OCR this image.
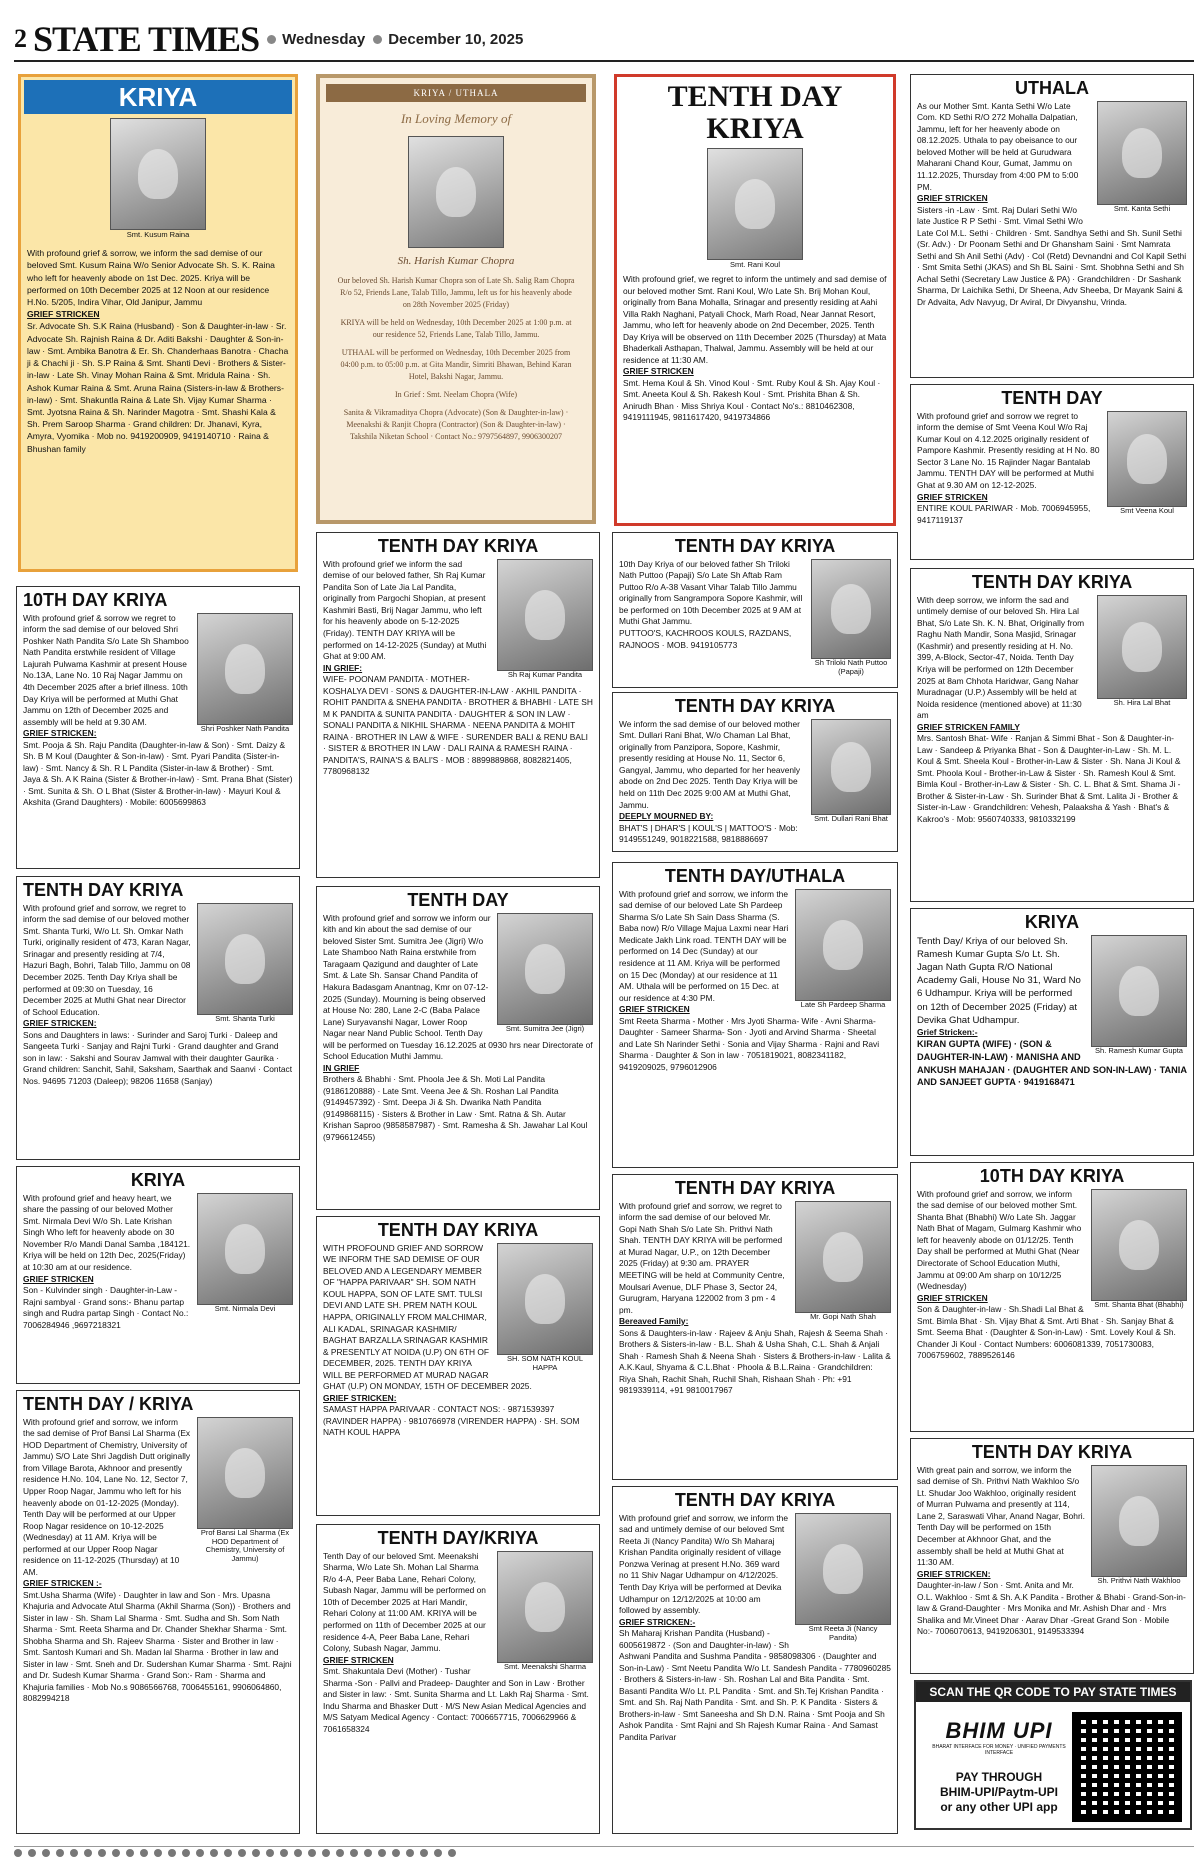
2 STATE TIMES Wednesday December 10, 2025
KRIYA
Smt. Kusum Raina

With profound grief & sorrow, we inform the sad demise of our beloved Smt. Kusum Raina W/o Senior Advocate Sh. S. K. Raina who left for heavenly abode on 1st Dec. 2025. Kriya will be performed on 10th December 2025 at 12 Noon at our residence H.No. 5/205, Indira Vihar, Old Janipur, Jammu

GRIEF STRICKEN

Sr. Advocate Sh. S.K Raina (Husband) · Son & Daughter-in-law · Sr. Advocate Sh. Rajnish Raina & Dr. Aditi Bakshi · Daughter & Son-in-law · Smt. Ambika Banotra & Er. Sh. Chanderhaas Banotra · Chacha ji & Chachi ji · Sh. S.P Raina & Smt. Shanti Devi · Brothers & Sister-in-law · Late Sh. Vinay Mohan Raina & Smt. Mridula Raina · Sh. Ashok Kumar Raina & Smt. Aruna Raina (Sisters-in-law & Brothers-in-law) · Smt. Shakuntla Raina & Late Sh. Vijay Kumar Sharma · Smt. Jyotsna Raina & Sh. Narinder Magotra · Smt. Shashi Kala & Sh. Prem Saroop Sharma · Grand children: Dr. Jhanavi, Kyra, Amyra, Vyomika · Mob no. 9419200909, 9419140710 · Raina & Bhushan family

10TH DAY KRIYA
Shri Poshker Nath Pandita

With profound grief & sorrow we regret to inform the sad demise of our beloved Shri Poshker Nath Pandita S/o Late Sh Shamboo Nath Pandita erstwhile resident of Village Lajurah Pulwama Kashmir at present House No.13A, Lane No. 10 Raj Nagar Jammu on 4th December 2025 after a brief illness. 10th Day Kriya will be performed at Muthi Ghat Jammu on 12th of December 2025 and assembly will be held at 9.30 AM.

GRIEF STRICKEN:

Smt. Pooja & Sh. Raju Pandita (Daughter-in-law & Son) · Smt. Daizy & Sh. B M Koul (Daughter & Son-in-law) · Smt. Pyari Pandita (Sister-in-law) · Smt. Nancy & Sh. R L Pandita (Sister-in-law & Brother) · Smt. Jaya & Sh. A K Raina (Sister & Brother-in-law) · Smt. Prana Bhat (Sister) · Smt. Sunita & Sh. O L Bhat (Sister & Brother-in-law) · Mayuri Koul & Akshita (Grand Daughters) · Mobile: 6005699863

TENTH DAY KRIYA
Smt. Shanta Turki

With profound grief and sorrow, we regret to inform the sad demise of our beloved mother Smt. Shanta Turki, W/o Lt. Sh. Omkar Nath Turki, originally resident of 473, Karan Nagar, Srinagar and presently residing at 7/4, Hazuri Bagh, Bohri, Talab Tillo, Jammu on 08 December 2025. Tenth Day Kriya shall be performed at 09:30 on Tuesday, 16 December 2025 at Muthi Ghat near Director of School Education.

GRIEF STRICKEN:

Sons and Daughters in laws: · Surinder and Saroj Turki · Daleep and Sangeeta Turki · Sanjay and Rajni Turki · Grand daughter and Grand son in law: · Sakshi and Sourav Jamwal with their daughter Gaurika · Grand children: Sanchit, Sahil, Saksham, Saarthak and Saanvi · Contact Nos. 94695 71203 (Daleep); 98206 11658 (Sanjay)

KRIYA
Smt. Nirmala Devi

With profound grief and heavy heart, we share the passing of our beloved Mother Smt. Nirmala Devi W/o Sh. Late Krishan Singh Who left for heavenly abode on 30 November R/o Mandi Danal Samba ,184121. Kriya will be held on 12th Dec, 2025(Friday) at 10:30 am at our residence.

GRIEF STRICKEN

Son - Kulvinder singh · Daughter-in-Law -Rajni sambyal · Grand sons:- Bhanu partap singh and Rudra partap Singh · Contact No.: 7006284946 ,9697218321

TENTH DAY / KRIYA
Prof Bansi Lal Sharma (Ex HOD Department of Chemistry, University of Jammu)

With profound grief and sorrow, we inform the sad demise of Prof Bansi Lal Sharma (Ex HOD Department of Chemistry, University of Jammu) S/O Late Shri Jagdish Dutt originally from Village Barota, Akhnoor and presently residence H.No. 104, Lane No. 12, Sector 7, Upper Roop Nagar, Jammu who left for his heavenly abode on 01-12-2025 (Monday). Tenth Day will be performed at our Upper Roop Nagar residence on 10-12-2025 (Wednesday) at 11 AM. Kriya will be performed at our Upper Roop Nagar residence on 11-12-2025 (Thursday) at 10 AM.

GRIEF STRICKEN :-

Smt.Usha Sharma (Wife) · Daughter in law and Son · Mrs. Upasna Khajuria and Advocate Atul Sharma (Akhil Sharma (Son)) · Brothers and Sister in law · Sh. Sham Lal Sharma · Smt. Sudha and Sh. Som Nath Sharma · Smt. Reeta Sharma and Dr. Chander Shekhar Sharma · Smt. Shobha Sharma and Sh. Rajeev Sharma · Sister and Brother in law · Smt. Santosh Kumari and Sh. Madan lal Sharma · Brother in law and Sister in law · Smt. Sneh and Dr. Sudershan Kumar Sharma · Smt. Rajni and Dr. Sudesh Kumar Sharma · Grand Son:- Ram · Sharma and Khajuria families · Mob No.s 9086566768, 7006455161, 9906064860, 8082994218

KRIYA / UTHALA
In Loving Memory of
Sh. Harish Kumar Chopra
Our beloved Sh. Harish Kumar Chopra son of Late Sh. Salig Ram Chopra R/o 52, Friends Lane, Talab Tillo, Jammu, left us for his heavenly abode on 28th November 2025 (Friday)
KRIYA will be held on Wednesday, 10th December 2025 at 1:00 p.m. at our residence 52, Friends Lane, Talab Tillo, Jammu.
UTHAAL will be performed on Wednesday, 10th December 2025 from 04:00 p.m. to 05:00 p.m. at Gita Mandir, Simriti Bhawan, Behind Karan Hotel, Bakshi Nagar, Jammu.
In Grief : Smt. Neelam Chopra (Wife)
Sanita & Vikramaditya Chopra (Advocate) (Son & Daughter-in-law) · Meenakshi & Ranjit Chopra (Contractor) (Son & Daughter-in-law) · Takshila Niketan School · Contact No.: 9797564897, 9906300207
TENTH DAY KRIYA
Sh Raj Kumar Pandita

With profound grief we inform the sad demise of our beloved father, Sh Raj Kumar Pandita Son of Late Jia Lal Pandita, originally from Pargochi Shopian, at present Kashmiri Basti, Brij Nagar Jammu, who left for his heavenly abode on 5-12-2025 (Friday). TENTH DAY KRIYA will be performed on 14-12-2025 (Sunday) at Muthi Ghat at 9:00 AM.

IN GRIEF:

WIFE- POONAM PANDITA · MOTHER- KOSHALYA DEVI · SONS & DAUGHTER-IN-LAW · AKHIL PANDITA · ROHIT PANDITA & SNEHA PANDITA · BROTHER & BHABHI · LATE SH M K PANDITA & SUNITA PANDITA · DAUGHTER & SON IN LAW · SONALI PANDITA & NIKHIL SHARMA · NEENA PANDITA & MOHIT RAINA · BROTHER IN LAW & WIFE · SURENDER BALI & RENU BALI · SISTER & BROTHER IN LAW · DALI RAINA & RAMESH RAINA · PANDITA'S, RAINA'S & BALI'S · MOB : 8899889868, 8082821405, 7780968132

TENTH DAY
Smt. Sumitra Jee (Jigri)

With profound grief and sorrow we inform our kith and kin about the sad demise of our beloved Sister Smt. Sumitra Jee (Jigri) W/o Late Shamboo Nath Raina erstwhile from Taragaam Qazigund and daughter of Late Smt. & Late Sh. Sansar Chand Pandita of Hakura Badasgam Anantnag, Kmr on 07-12-2025 (Sunday). Mourning is being observed at House No: 280, Lane 2-C (Baba Palace Lane) Suryavanshi Nagar, Lower Roop Nagar near Nand Public School. Tenth Day will be performed on Tuesday 16.12.2025 at 0930 hrs near Directorate of School Education Muthi Jammu.

IN GRIEF

Brothers & Bhabhi · Smt. Phoola Jee & Sh. Moti Lal Pandita (9186120888) · Late Smt. Veena Jee & Sh. Roshan Lal Pandita (9149457392) · Smt. Deepa Ji & Sh. Dwarika Nath Pandita (9149868115) · Sisters & Brother in Law · Smt. Ratna & Sh. Autar Krishan Saproo (9858587987) · Smt. Ramesha & Sh. Jawahar Lal Koul (9796612455)

TENTH DAY KRIYA
SH. SOM NATH KOUL HAPPA

WITH PROFOUND GRIEF AND SORROW WE INFORM THE SAD DEMISE OF OUR BELOVED AND A LEGENDARY MEMBER OF "HAPPA PARIVAAR" SH. SOM NATH KOUL HAPPA, SON OF LATE SMT. TULSI DEVI AND LATE SH. PREM NATH KOUL HAPPA, ORIGINALLY FROM MALCHIMAR, ALI KADAL, SRINAGAR KASHMIR/ BAGHAT BARZALLA SRINAGAR KASHMIR & PRESENTLY AT NOIDA (U.P) ON 6TH OF DECEMBER, 2025. TENTH DAY KRIYA WILL BE PERFORMED AT MURAD NAGAR GHAT (U.P) ON MONDAY, 15TH OF DECEMBER 2025.

GRIEF STRICKEN:

SAMAST HAPPA PARIVAAR · CONTACT NOS: · 9871539397 (RAVINDER HAPPA) · 9810766978 (VIRENDER HAPPA) · SH. SOM NATH KOUL HAPPA

TENTH DAY/KRIYA
Smt. Meenakshi Sharma

Tenth Day of our beloved Smt. Meenakshi Sharma, W/o Late Sh. Mohan Lal Sharma R/o 4-A, Peer Baba Lane, Rehari Colony, Subash Nagar, Jammu will be performed on 10th of December 2025 at Hari Mandir, Rehari Colony at 11:00 AM. KRIYA will be performed on 11th of December 2025 at our residence 4-A, Peer Baba Lane, Rehari Colony, Subash Nagar, Jammu.

GRIEF STRICKEN

Smt. Shakuntala Devi (Mother) · Tushar Sharma -Son · Pallvi and Pradeep- Daughter and Son in Law · Brother and Sister in law: · Smt. Sunita Sharma and Lt. Lakh Raj Sharma · Smt. Indu Sharma and Bhasker Dutt · M/S New Asian Medical Agencies and M/S Satyam Medical Agency · Contact: 7006657715, 7006629966 & 7061658324

TENTH DAY KRIYA
Smt. Rani Koul

With profound grief, we regret to inform the untimely and sad demise of our beloved mother Smt. Rani Koul, W/o Late Sh. Brij Mohan Koul, originally from Bana Mohalla, Srinagar and presently residing at Aahi Villa Rakh Naghani, Patyali Chock, Marh Road, Near Jannat Resort, Jammu, who left for heavenly abode on 2nd December, 2025. Tenth Day Kriya will be observed on 11th December 2025 (Thursday) at Mata Bhaderkali Asthapan, Thalwal, Jammu. Assembly will be held at our residence at 11:30 AM.

GRIEF STRICKEN

Smt. Hema Koul & Sh. Vinod Koul · Smt. Ruby Koul & Sh. Ajay Koul · Smt. Aneeta Koul & Sh. Rakesh Koul · Smt. Prishita Bhan & Sh. Anirudh Bhan · Miss Shriya Koul · Contact No's.: 8810462308, 9419111945, 9811617420, 9419734866

TENTH DAY KRIYA
Sh Triloki Nath Puttoo (Papaji)

10th Day Kriya of our beloved father Sh Triloki Nath Puttoo (Papaji) S/o Late Sh Aftab Ram Puttoo R/o A-38 Vasant Vihar Talab Tillo Jammu originally from Sangrampora Sopore Kashmir, will be performed on 10th December 2025 at 9 AM at Muthi Ghat Jammu.

PUTTOO'S, KACHROOS KOULS, RAZDANS, RAJNOOS · MOB. 9419105773

TENTH DAY KRIYA
Smt. Dullari Rani Bhat

We inform the sad demise of our beloved mother Smt. Dullari Rani Bhat, W/o Chaman Lal Bhat, originally from Panzipora, Sopore, Kashmir, presently residing at House No. 11, Sector 6, Gangyal, Jammu, who departed for her heavenly abode on 2nd Dec 2025. Tenth Day Kriya will be held on 11th Dec 2025 9:00 AM at Muthi Ghat, Jammu.

DEEPLY MOURNED BY:

BHAT'S | DHAR'S | KOUL'S | MATTOO'S · Mob: 9149551249, 9018221588, 9818886697

TENTH DAY/UTHALA
Late Sh Pardeep Sharma

With profound grief and sorrow, we inform the sad demise of our beloved Late Sh Pardeep Sharma S/o Late Sh Sain Dass Sharma (S. Baba now) R/o Village Majua Laxmi near Hari Medicate Jakh Link road. TENTH DAY will be performed on 14 Dec (Sunday) at our residence at 11 AM. Kriya will be performed on 15 Dec (Monday) at our residence at 11 AM. Uthala will be performed on 15 Dec. at our residence at 4:30 PM.

GRIEF STRICKEN

Smt Reeta Sharma - Mother · Mrs Jyoti Sharma- Wife · Avni Sharma- Daughter · Sameer Sharma- Son · Jyoti and Arvind Sharma · Sheetal and Late Sh Narinder Sethi · Sonia and Vijay Sharma · Rajni and Ravi Sharma · Daughter & Son in law · 7051819021, 8082341182, 9419209025, 9796012906

TENTH DAY KRIYA
Mr. Gopi Nath Shah

With profound grief and sorrow, we regret to inform the sad demise of our beloved Mr. Gopi Nath Shah S/o Late Sh. Prithvi Nath Shah. TENTH DAY KRIYA will be performed at Murad Nagar, U.P., on 12th December 2025 (Friday) at 9:30 am. PRAYER MEETING will be held at Community Centre, Moulsari Avenue, DLF Phase 3, Sector 24, Gurugram, Haryana 122002 from 3 pm - 4 pm.

Bereaved Family:

Sons & Daughters-in-law · Rajeev & Anju Shah, Rajesh & Seema Shah · Brothers & Sisters-in-law · B.L. Shah & Usha Shah, C.L. Shah & Anjali Shah · Ramesh Shah & Neena Shah · Sisters & Brothers-in-law · Lalita & A.K.Kaul, Shyama & C.L.Bhat · Phoola & B.L.Raina · Grandchildren: Riya Shah, Rachit Shah, Ruchil Shah, Rishaan Shah · Ph: +91 9819339114, +91 9810017967

TENTH DAY KRIYA
Smt Reeta Ji (Nancy Pandita)

With profound grief and sorrow, we inform the sad and untimely demise of our beloved Smt Reeta Ji (Nancy Pandita) W/o Sh Maharaj Krishan Pandita originally resident of village Ponzwa Verinag at present H.No. 369 ward no 11 Shiv Nagar Udhampur on 4/12/2025. Tenth Day Kriya will be performed at Devika Udhampur on 12/12/2025 at 10:00 am followed by assembly.

GRIEF STRICKEN:-

Sh Maharaj Krishan Pandita (Husband) - 6005619872 · (Son and Daughter-in-law) · Sh Ashwani Pandita and Sushma Pandita - 9858098306 · (Daughter and Son-in-Law) · Smt Neetu Pandita W/o Lt. Sandesh Pandita - 7780960285 · Brothers & Sisters-in-law · Sh. Roshan Lal and Bita Pandita · Smt. Basanti Pandita W/o Lt. P.L Pandita · Smt. and Sh.Tej Krishan Pandita · Smt. and Sh. Raj Nath Pandita · Smt. and Sh. P. K Pandita · Sisters & Brothers-in-law · Smt Saneesha and Sh D.N. Raina · Smt Pooja and Sh Ashok Pandita · Smt Rajni and Sh Rajesh Kumar Raina · And Samast Pandita Parivar

UTHALA
Smt. Kanta Sethi

As our Mother Smt. Kanta Sethi W/o Late Com. KD Sethi R/O 272 Mohalla Dalpatian, Jammu, left for her heavenly abode on 08.12.2025. Uthala to pay obeisance to our beloved Mother will be held at Gurudwara Maharani Chand Kour, Gumat, Jammu on 11.12.2025, Thursday from 4:00 PM to 5:00 PM.

GRIEF STRICKEN

Sisters -in -Law · Smt. Raj Dulari Sethi W/o late Justice R P Sethi · Smt. Vimal Sethi W/o Late Col M.L. Sethi · Children · Smt. Sandhya Sethi and Sh. Sunil Sethi (Sr. Adv.) · Dr Poonam Sethi and Dr Ghansham Saini · Smt Namrata Sethi and Sh Anil Sethi (Adv) · Col (Retd) Devnandni and Col Kapil Sethi · Smt Smita Sethi (JKAS) and Sh BL Saini · Smt. Shobhna Sethi and Sh Achal Sethi (Secretary Law Justice & PA) · Grandchildren · Dr Sashank Sharma, Dr Laichika Sethi, Dr Sheena, Adv Sheeba, Dr Mayank Saini & Dr Advaita, Adv Navyug, Dr Aviral, Dr Divyanshu, Vrinda.

TENTH DAY
Smt Veena Koul

With profound grief and sorrow we regret to inform the demise of Smt Veena Koul W/o Raj Kumar Koul on 4.12.2025 originally resident of Pampore Kashmir. Presently residing at H No. 80 Sector 3 Lane No. 15 Rajinder Nagar Bantalab Jammu. TENTH DAY will be performed at Muthi Ghat at 9.30 AM on 12-12-2025.

GRIEF STRICKEN

ENTIRE KOUL PARIWAR · Mob. 7006945955, 9417119137

TENTH DAY KRIYA
Sh. Hira Lal Bhat

With deep sorrow, we inform the sad and untimely demise of our beloved Sh. Hira Lal Bhat, S/o Late Sh. K. N. Bhat, Originally from Raghu Nath Mandir, Sona Masjid, Srinagar (Kashmir) and presently residing at H. No. 399, A-Block, Sector-47, Noida. Tenth Day Kriya will be performed on 12th December 2025 at 8am Chhota Haridwar, Gang Nahar Muradnagar (U.P.) Assembly will be held at Noida residence (mentioned above) at 11:30 am

GRIEF STRICKEN FAMILY

Mrs. Santosh Bhat- Wife · Ranjan & Simmi Bhat - Son & Daughter-in-Law · Sandeep & Priyanka Bhat - Son & Daughter-in-Law · Sh. M. L. Koul & Smt. Sheela Koul - Brother-in-Law & Sister · Sh. Nana Ji Koul & Smt. Phoola Koul - Brother-in-Law & Sister · Sh. Ramesh Koul & Smt. Bimla Koul - Brother-in-Law & Sister · Sh. C. L. Bhat & Smt. Shama Ji - Brother & Sister-in-Law · Sh. Surinder Bhat & Smt. Lalita Ji - Brother & Sister-in-Law · Grandchildren: Vehesh, Palaaksha & Yash · Bhat's & Kakroo's · Mob: 9560740333, 9810332199

KRIYA
Sh. Ramesh Kumar Gupta

Tenth Day/ Kriya of our beloved Sh. Ramesh Kumar Gupta S/o Lt. Sh. Jagan Nath Gupta R/O National Academy Gali, House No 31, Ward No 6 Udhampur. Kriya will be performed on 12th of December 2025 (Friday) at Devika Ghat Udhampur.

Grief Stricken:-

KIRAN GUPTA (WIFE) · (SON & DAUGHTER-IN-LAW) · MANISHA AND ANKUSH MAHAJAN · (DAUGHTER AND SON-IN-LAW) · TANIA AND SANJEET GUPTA · 9419168471

10TH DAY KRIYA
Smt. Shanta Bhat (Bhabhi)

With profound grief and sorrow, we inform the sad demise of our beloved mother Smt. Shanta Bhat (Bhabhi) W/o Late Sh. Jaggar Nath Bhat of Magam, Gulmarg Kashmir who left for heavenly abode on 01/12/25. Tenth Day shall be performed at Muthi Ghat (Near Directorate of School Education Muthi, Jammu at 09:00 Am sharp on 10/12/25 (Wednesday)

GRIEF STRICKEN

Son & Daughter-in-law · Sh.Shadi Lal Bhat & Smt. Bimla Bhat · Sh. Vijay Bhat & Smt. Arti Bhat · Sh. Sanjay Bhat & Smt. Seema Bhat · (Daughter & Son-in-Law) · Smt. Lovely Koul & Sh. Chander Ji Koul · Contact Numbers: 6006081339, 7051730083, 7006759602, 7889526146

TENTH DAY KRIYA
Sh. Prithvi Nath Wakhloo

With great pain and sorrow, we inform the sad demise of Sh. Prithvi Nath Wakhloo S/o Lt. Shudar Joo Wakhloo, originally resident of Murran Pulwama and presently at 114, Lane 2, Saraswati Vihar, Anand Nagar, Bohri. Tenth Day will be performed on 15th December at Akhnoor Ghat, and the assembly shall be held at Muthi Ghat at 11:30 AM.

GRIEF STRICKEN:

Daughter-in-law / Son · Smt. Anita and Mr. O.L. Wakhloo · Smt & Sh. A.K Pandita - Brother & Bhabi · Grand-Son-in-law & Grand-Daughter · Mrs Monika and Mr. Ashish Dhar and · Mrs Shalika and Mr.Vineet Dhar · Aarav Dhar -Great Grand Son · Mobile No:- 7006070613, 9419206301, 9149533394

SCAN THE QR CODE TO PAY STATE TIMES
BHIM UPI
BHARAT INTERFACE FOR MONEY · UNIFIED PAYMENTS INTERFACE
PAY THROUGH
BHIM-UPI/Paytm-UPI
or any other UPI app
